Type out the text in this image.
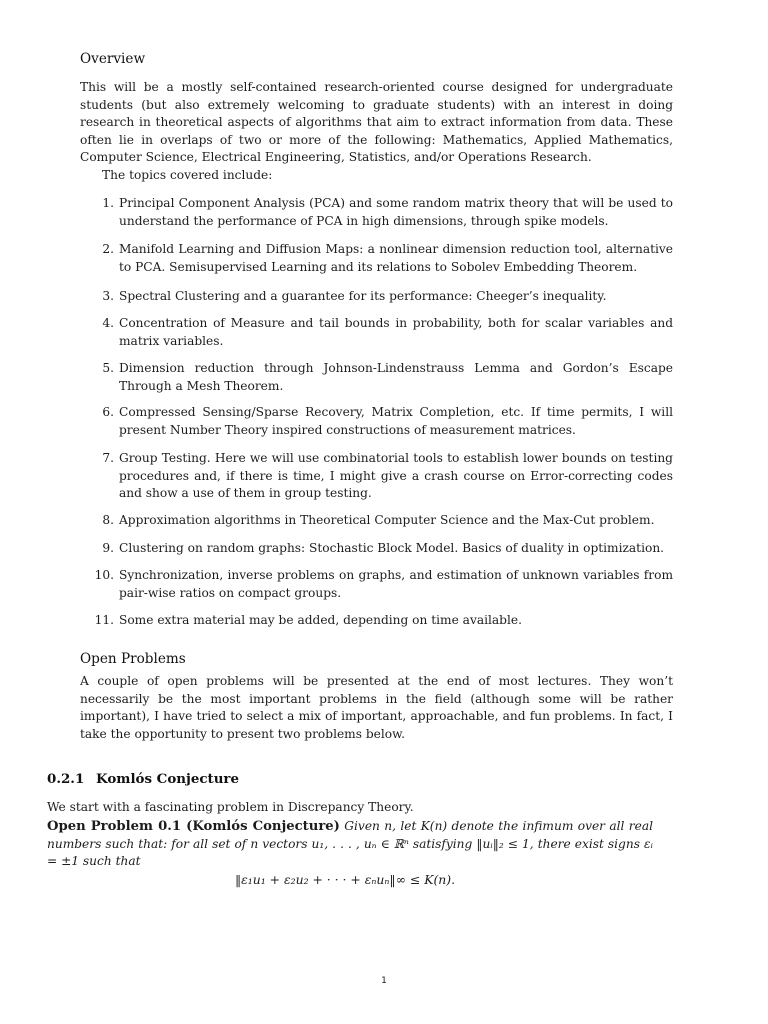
Overview

This will be a mostly self-contained research-oriented course designed for undergraduate students (but also extremely welcoming to graduate students) with an interest in doing research in theoretical aspects of algorithms that aim to extract information from data. These often lie in overlaps of two or more of the following: Mathematics, Applied Mathematics, Computer Science, Electrical Engineering, Statistics, and/or Operations Research.
The topics covered include:

1. Principal Component Analysis (PCA) and some random matrix theory that will be used to understand the performance of PCA in high dimensions, through spike models.
2. Manifold Learning and Diffusion Maps: a nonlinear dimension reduction tool, alternative to PCA. Semisupervised Learning and its relations to Sobolev Embedding Theorem.
3. Spectral Clustering and a guarantee for its performance: Cheeger’s inequality.
4. Concentration of Measure and tail bounds in probability, both for scalar variables and matrix variables.
5. Dimension reduction through Johnson-Lindenstrauss Lemma and Gordon’s Escape Through a Mesh Theorem.
6. Compressed Sensing/Sparse Recovery, Matrix Completion, etc. If time permits, I will present Number Theory inspired constructions of measurement matrices.
7. Group Testing. Here we will use combinatorial tools to establish lower bounds on testing procedures and, if there is time, I might give a crash course on Error-correcting codes and show a use of them in group testing.
8. Approximation algorithms in Theoretical Computer Science and the Max-Cut problem.
9. Clustering on random graphs: Stochastic Block Model. Basics of duality in optimization.
10. Synchronization, inverse problems on graphs, and estimation of unknown variables from pair-wise ratios on compact groups.
11. Some extra material may be added, depending on time available.
Open Problems

A couple of open problems will be presented at the end of most lectures. They won’t necessarily be the most important problems in the field (although some will be rather important), I have tried to select a mix of important, approachable, and fun problems. In fact, I take the opportunity to present two problems below.

0.2.1 Komlós Conjecture

We start with a fascinating problem in Discrepancy Theory.

Open Problem 0.1 (Komlós Conjecture) Given n, let K(n) denote the infimum over all real numbers such that: for all set of n vectors u₁, . . . , uₙ ∈ ℝⁿ satisfying ‖uᵢ‖₂ ≤ 1, there exist signs εᵢ = ±1 such that

‖ε₁u₁ + ε₂u₂ + · · · + εₙuₙ‖∞ ≤ K(n).
1
